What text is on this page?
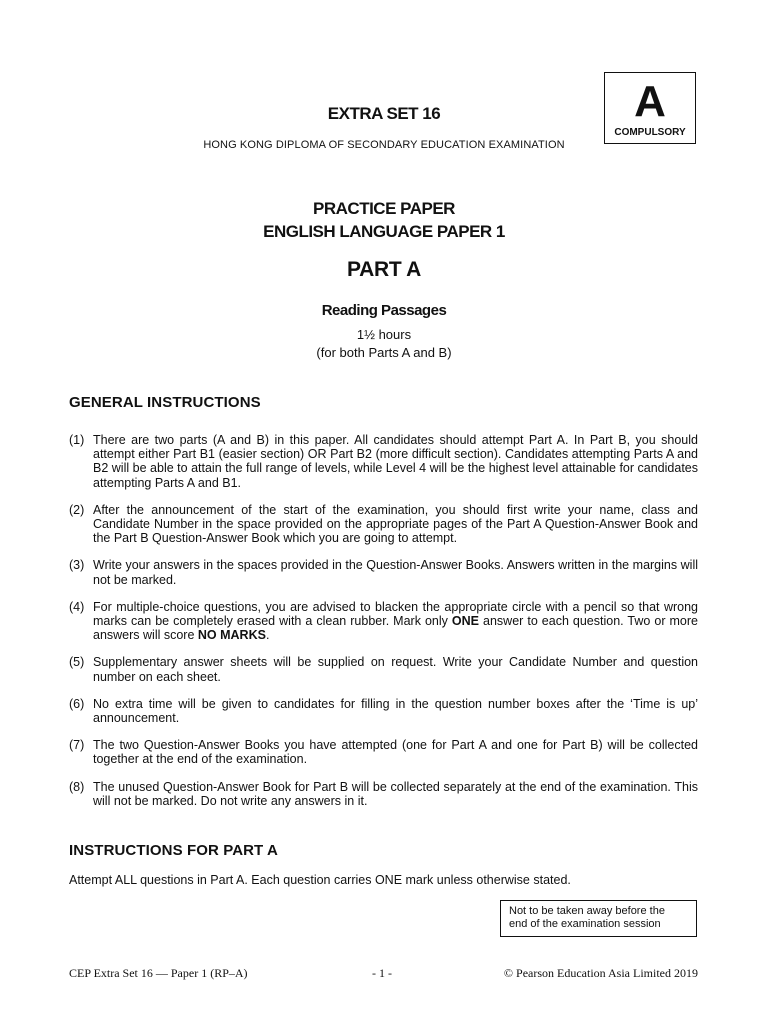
A
COMPULSORY
EXTRA SET 16
HONG KONG DIPLOMA OF SECONDARY EDUCATION EXAMINATION
PRACTICE PAPER
ENGLISH LANGUAGE PAPER 1
PART A
Reading Passages
1½ hours
(for both Parts A and B)
GENERAL INSTRUCTIONS
(1) There are two parts (A and B) in this paper. All candidates should attempt Part A. In Part B, you should attempt either Part B1 (easier section) OR Part B2 (more difficult section). Candidates attempting Parts A and B2 will be able to attain the full range of levels, while Level 4 will be the highest level attainable for candidates attempting Parts A and B1.
(2) After the announcement of the start of the examination, you should first write your name, class and Candidate Number in the space provided on the appropriate pages of the Part A Question-Answer Book and the Part B Question-Answer Book which you are going to attempt.
(3) Write your answers in the spaces provided in the Question-Answer Books. Answers written in the margins will not be marked.
(4) For multiple-choice questions, you are advised to blacken the appropriate circle with a pencil so that wrong marks can be completely erased with a clean rubber. Mark only ONE answer to each question. Two or more answers will score NO MARKS.
(5) Supplementary answer sheets will be supplied on request. Write your Candidate Number and question number on each sheet.
(6) No extra time will be given to candidates for filling in the question number boxes after the ‘Time is up’ announcement.
(7) The two Question-Answer Books you have attempted (one for Part A and one for Part B) will be collected together at the end of the examination.
(8) The unused Question-Answer Book for Part B will be collected separately at the end of the examination. This will not be marked. Do not write any answers in it.
INSTRUCTIONS FOR PART A
Attempt ALL questions in Part A. Each question carries ONE mark unless otherwise stated.
Not to be taken away before the
end of the examination session
CEP Extra Set 16 — Paper 1 (RP–A)	- 1 -	© Pearson Education Asia Limited 2019
